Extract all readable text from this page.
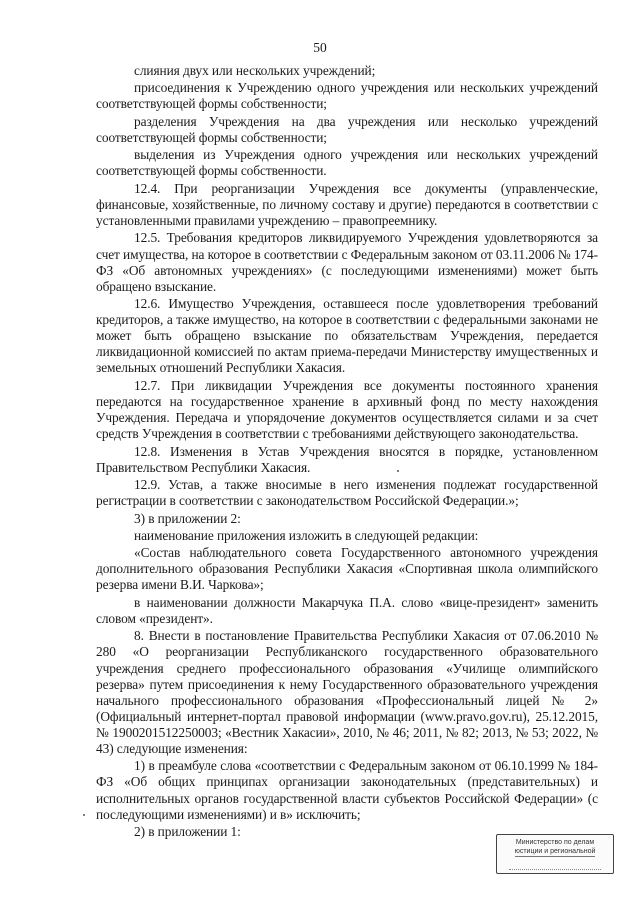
50

слияния двух или нескольких учреждений;

присоединения к Учреждению одного учреждения или нескольких учреждений соответствующей формы собственности;

разделения Учреждения на два учреждения или несколько учреждений соответствующей формы собственности;

выделения из Учреждения одного учреждения или нескольких учреждений соответствующей формы собственности.

12.4. При реорганизации Учреждения все документы (управленческие, финансовые, хозяйственные, по личному составу и другие) передаются в соответствии с установленными правилами учреждению – правопреемнику.

12.5. Требования кредиторов ликвидируемого Учреждения удовлетворяются за счет имущества, на которое в соответствии с Федеральным законом от 03.11.2006 № 174-ФЗ «Об автономных учреждениях» (с последующими изменениями) может быть обращено взыскание.

12.6. Имущество Учреждения, оставшееся после удовлетворения требований кредиторов, а также имущество, на которое в соответствии с федеральными законами не может быть обращено взыскание по обязательствам Учреждения, передается ликвидационной комиссией по актам приема-передачи Министерству имущественных и земельных отношений Республики Хакасия.

12.7. При ликвидации Учреждения все документы постоянного хранения передаются на государственное хранение в архивный фонд по месту нахождения Учреждения. Передача и упорядочение документов осуществляется силами и за счет средств Учреждения в соответствии с требованиями действующего законодательства.

12.8. Изменения в Устав Учреждения вносятся в порядке, установленном Правительством Республики Хакасия.

12.9. Устав, а также вносимые в него изменения подлежат государственной регистрации в соответствии с законодательством Российской Федерации.»;

3) в приложении 2:

наименование приложения изложить в следующей редакции:

«Состав наблюдательного совета Государственного автономного учреждения дополнительного образования Республики Хакасия «Спортивная школа олимпийского резерва имени В.И. Чаркова»;

в наименовании должности Макарчука П.А. слово «вице-президент» заменить словом «президент».

8. Внести в постановление Правительства Республики Хакасия от 07.06.2010 № 280 «О реорганизации Республиканского государственного образовательного учреждения среднего профессионального образования «Училище олимпийского резерва» путем присоединения к нему Государственного образовательного учреждения начального профессионального образования «Профессиональный лицей № 2» (Официальный интернет-портал правовой информации (www.pravo.gov.ru), 25.12.2015, № 1900201512250003; «Вестник Хакасии», 2010, № 46; 2011, № 82; 2013, № 53; 2022, № 43) следующие изменения:

1) в преамбуле слова «соответствии с Федеральным законом от 06.10.1999 № 184-ФЗ «Об общих принципах организации законодательных (представительных) и исполнительных органов государственной власти субъектов Российской Федерации» (с последующими изменениями) и в» исключить;

2) в приложении 1:

Министерство по делам
юстиции и региональной
